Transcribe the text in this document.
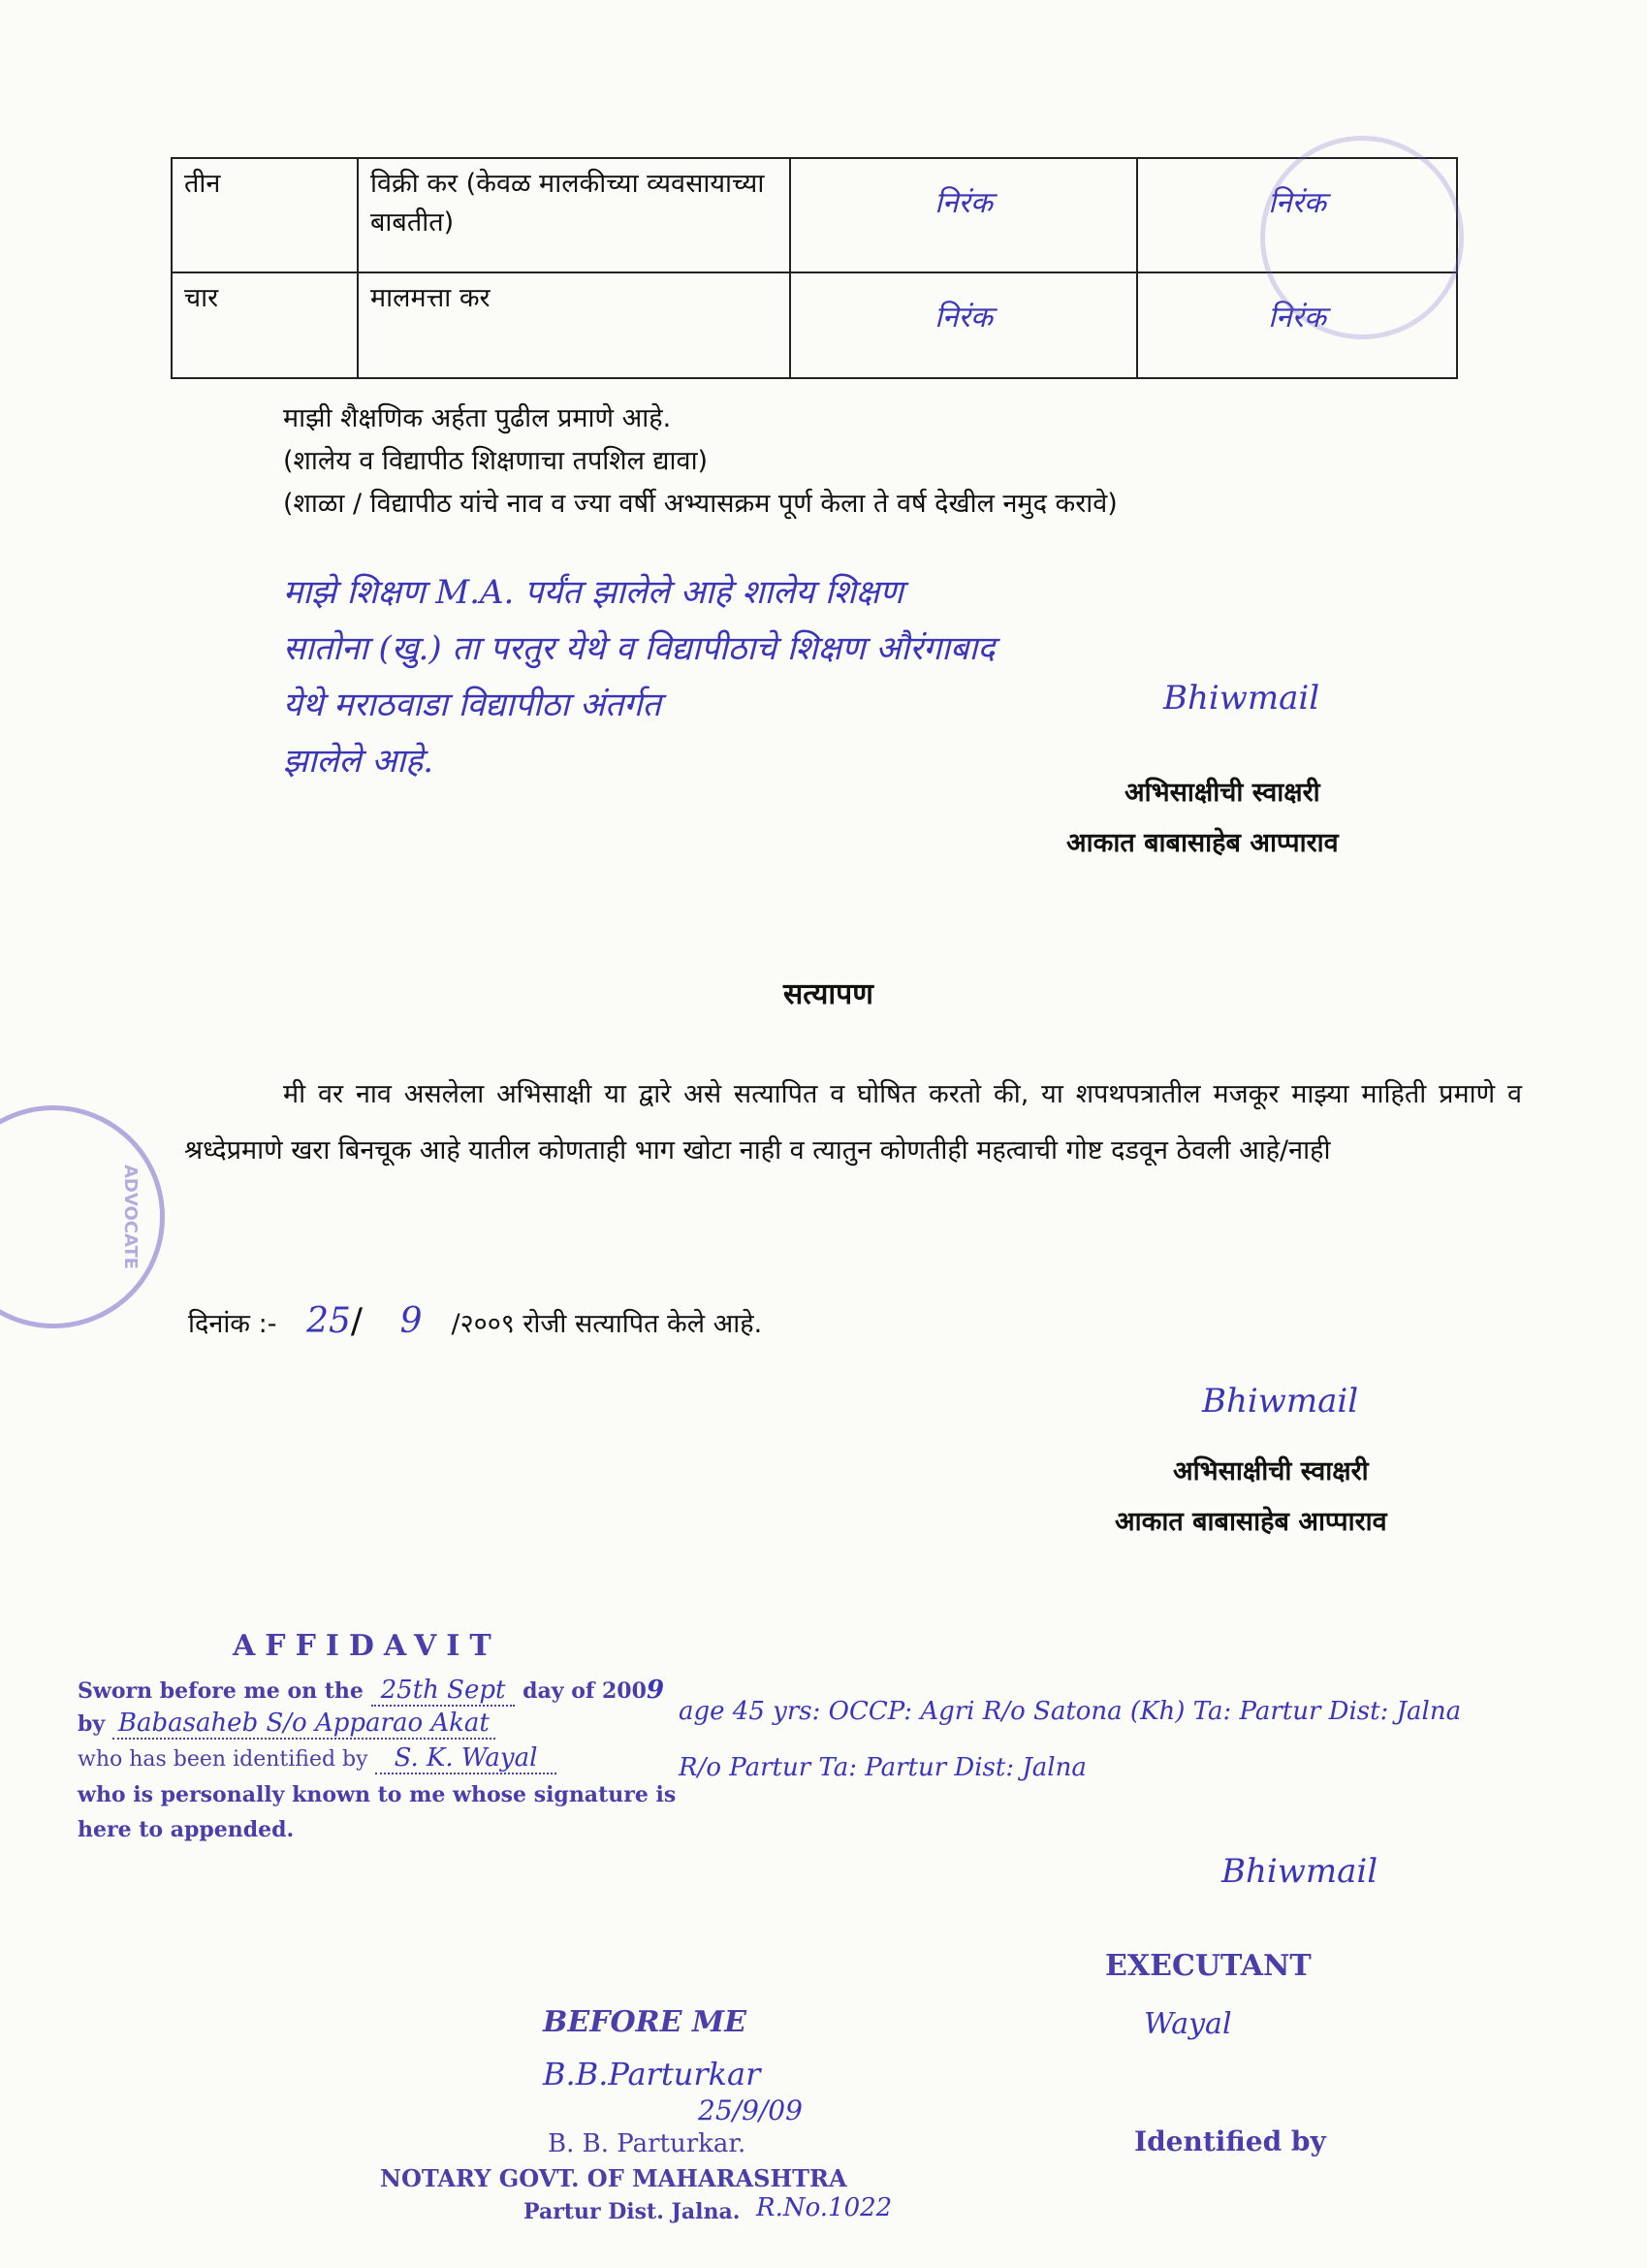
तीन	विक्री कर (केवळ मालकीच्या व्यवसायाच्या बाबतीत)	निरंक	निरंक
चार	मालमत्ता कर	निरंक	निरंक
माझी शैक्षणिक अर्हता पुढील प्रमाणे आहे.
(शालेय व विद्यापीठ शिक्षणाचा तपशिल द्यावा)
(शाळा / विद्यापीठ यांचे नाव व ज्या वर्षी अभ्यासक्रम पूर्ण केला ते वर्ष देखील नमुद करावे)
माझे शिक्षण M.A. पर्यंत झालेले आहे शालेय शिक्षण
सातोना (खु.) ता परतुर येथे व विद्यापीठाचे शिक्षण औरंगाबाद
येथे मराठवाडा विद्यापीठा अंतर्गत
झालेले आहे.
Bhiwmail
अभिसाक्षीची स्वाक्षरी
आकात बाबासाहेब आप्पाराव
सत्यापण
मी वर नाव असलेला अभिसाक्षी या द्वारे असे सत्यापित व घोषित करतो की, या शपथपत्रातील मजकूर माझ्या माहिती प्रमाणे व श्रध्देप्रमाणे खरा बिनचूक आहे यातील कोणताही भाग खोटा नाही व त्यातुन कोणतीही महत्वाची गोष्ट दडवून ठेवली आहे/नाही
दिनांक :- 25/ 9 /२००९ रोजी सत्यापित केले आहे.
ADVOCATE
Bhiwmail
अभिसाक्षीची स्वाक्षरी
आकात बाबासाहेब आप्पाराव
AFFIDAVIT
Sworn before me on the 25th Sept day of 2009
by Babasaheb S/o Apparao Akat	age 45 yrs: OCCP: Agri R/o Satona (Kh) Ta: Partur Dist: Jalna
who has been identified by S. K. Wayal	R/o Partur Ta: Partur Dist: Jalna
who is personally known to me whose signature is
here to appended.
Bhiwmail
EXECUTANT
Wayal
Identified by
BEFORE ME
B.B.Parturkar
25/9/09
B. B. Parturkar.
NOTARY GOVT. OF MAHARASHTRA
Partur Dist. Jalna. R.No.1022
